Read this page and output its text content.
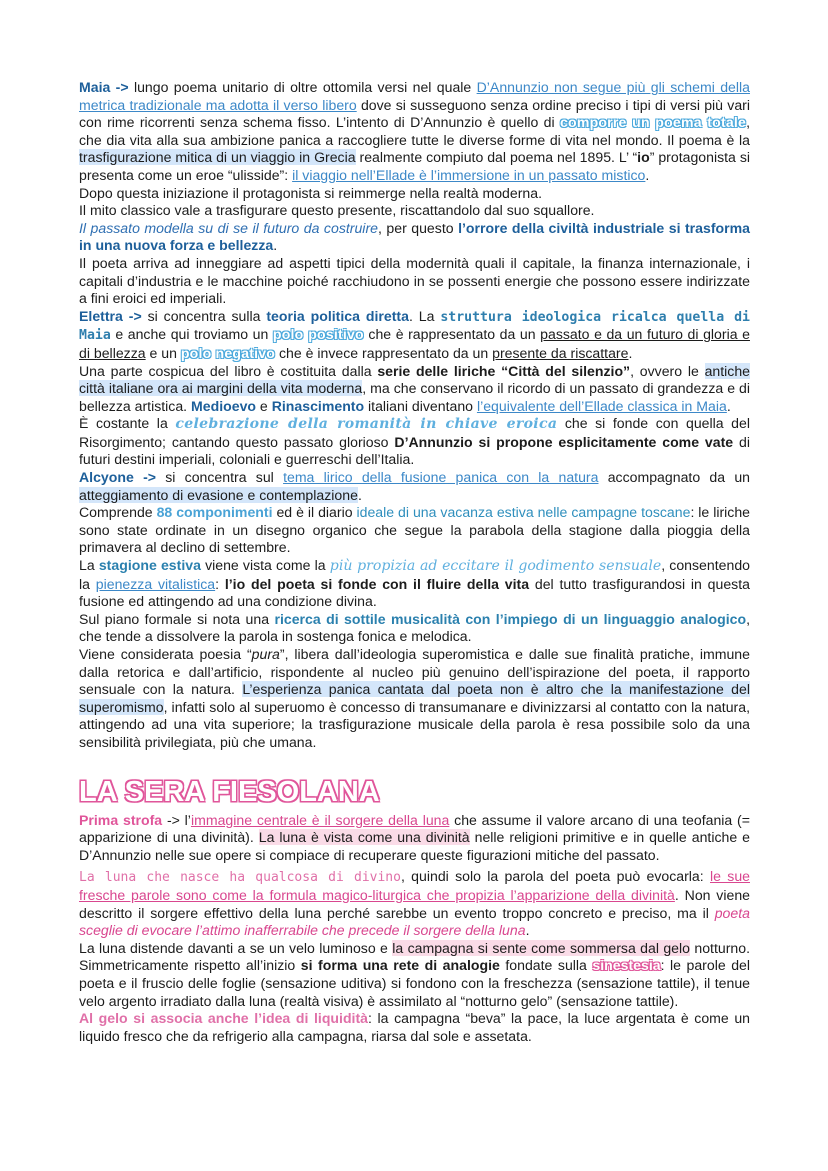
Maia -> lungo poema unitario di oltre ottomila versi nel quale D’Annunzio non segue più gli schemi della metrica tradizionale ma adotta il verso libero dove si susseguono senza ordine preciso i tipi di versi più vari con rime ricorrenti senza schema fisso. L’intento di D’Annunzio è quello di comporre un poema totale, che dia vita alla sua ambizione panica a raccogliere tutte le diverse forme di vita nel mondo. Il poema è la trasfigurazione mitica di un viaggio in Grecia realmente compiuto dal poema nel 1895. L’ “io” protagonista si presenta come un eroe “ulisside”: il viaggio nell’Ellade è l’immersione in un passato mistico.

Dopo questa iniziazione il protagonista si reimmerge nella realtà moderna.

Il mito classico vale a trasfigurare questo presente, riscattandolo dal suo squallore.

Il passato modella su di se il futuro da costruire, per questo l’orrore della civiltà industriale si trasforma in una nuova forza e bellezza.

Il poeta arriva ad inneggiare ad aspetti tipici della modernità quali il capitale, la finanza internazionale, i capitali d’industria e le macchine poiché racchiudono in se possenti energie che possono essere indirizzate a fini eroici ed imperiali.

Elettra -> si concentra sulla teoria politica diretta. La struttura ideologica ricalca quella di Maia e anche qui troviamo un polo positivo che è rappresentato da un passato e da un futuro di gloria e di bellezza e un polo negativo che è invece rappresentato da un presente da riscattare.

Una parte cospicua del libro è costituita dalla serie delle liriche “Città del silenzio”, ovvero le antiche città italiane ora ai margini della vita moderna, ma che conservano il ricordo di un passato di grandezza e di bellezza artistica. Medioevo e Rinascimento italiani diventano l’equivalente dell’Ellade classica in Maia.

È costante la celebrazione della romanità in chiave eroica che si fonde con quella del Risorgimento; cantando questo passato glorioso D’Annunzio si propone esplicitamente come vate di futuri destini imperiali, coloniali e guerreschi dell’Italia.

Alcyone -> si concentra sul tema lirico della fusione panica con la natura accompagnato da un atteggiamento di evasione e contemplazione.

Comprende 88 componimenti ed è il diario ideale di una vacanza estiva nelle campagne toscane: le liriche sono state ordinate in un disegno organico che segue la parabola della stagione dalla pioggia della primavera al declino di settembre.

La stagione estiva viene vista come la più propizia ad eccitare il godimento sensuale, consentendo la pienezza vitalistica: l’io del poeta si fonde con il fluire della vita del tutto trasfigurandosi in questa fusione ed attingendo ad una condizione divina.

Sul piano formale si nota una ricerca di sottile musicalità con l’impiego di un linguaggio analogico, che tende a dissolvere la parola in sostenga fonica e melodica.

Viene considerata poesia “pura”, libera dall’ideologia superomistica e dalle sue finalità pratiche, immune dalla retorica e dall’artificio, rispondente al nucleo più genuino dell’ispirazione del poeta, il rapporto sensuale con la natura. L’esperienza panica cantata dal poeta non è altro che la manifestazione del superomismo, infatti solo al superuomo è concesso di transumanare e divinizzarsi al contatto con la natura, attingendo ad una vita superiore; la trasfigurazione musicale della parola è resa possibile solo da una sensibilità privilegiata, più che umana.

LA SERA FIESOLANA

Prima strofa -> l’immagine centrale è il sorgere della luna che assume il valore arcano di una teofania (= apparizione di una divinità). La luna è vista come una divinità nelle religioni primitive e in quelle antiche e D’Annunzio nelle sue opere si compiace di recuperare queste figurazioni mitiche del passato.

La luna che nasce ha qualcosa di divino, quindi solo la parola del poeta può evocarla: le sue fresche parole sono come la formula magico-liturgica che propizia l’apparizione della divinità. Non viene descritto il sorgere effettivo della luna perché sarebbe un evento troppo concreto e preciso, ma il poeta sceglie di evocare l’attimo inafferrabile che precede il sorgere della luna.

La luna distende davanti a se un velo luminoso e la campagna si sente come sommersa dal gelo notturno. Simmetricamente rispetto all’inizio si forma una rete di analogie fondate sulla sinestesia: le parole del poeta e il fruscio delle foglie (sensazione uditiva) si fondono con la freschezza (sensazione tattile), il tenue velo argento irradiato dalla luna (realtà visiva) è assimilato al “notturno gelo” (sensazione tattile).

Al gelo si associa anche l’idea di liquidità: la campagna “beva” la pace, la luce argentata è come un liquido fresco che da refrigerio alla campagna, riarsa dal sole e assetata.
